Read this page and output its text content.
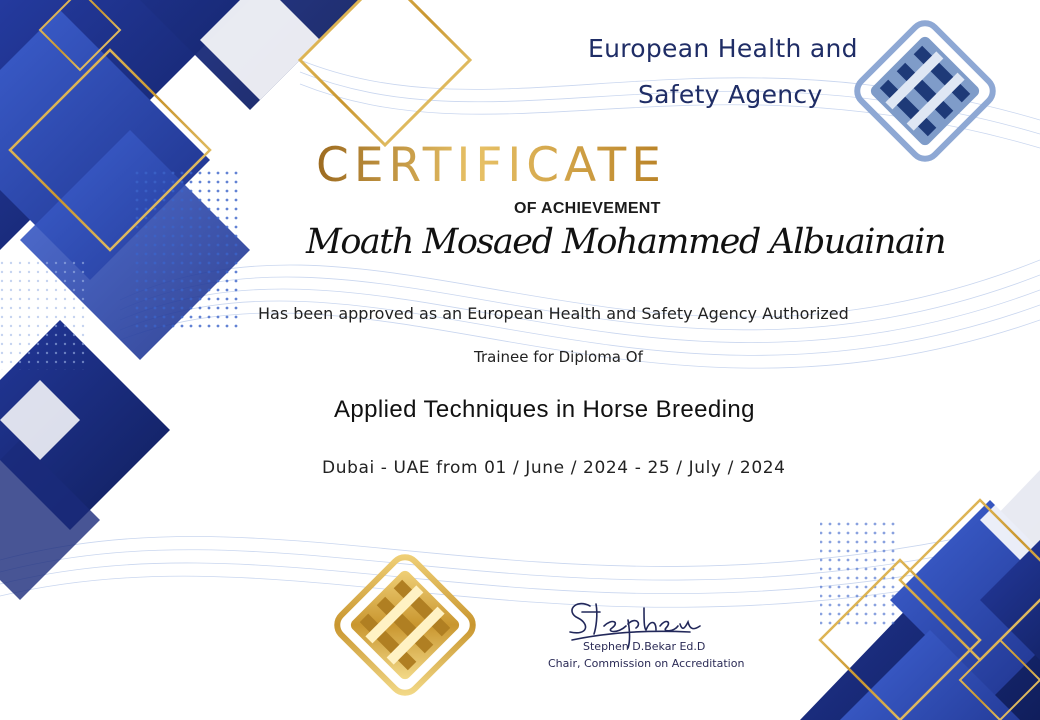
European Health and
Safety Agency
CERTIFICATE
OF ACHIEVEMENT
Moath Mosaed Mohammed Albuainain
Has been approved as an European Health and Safety Agency Authorized
Trainee for Diploma Of
Applied Techniques in Horse Breeding
Dubai - UAE from 01 / June / 2024 - 25 / July / 2024
Stephen D.Bekar Ed.D
Chair, Commission on Accreditation
